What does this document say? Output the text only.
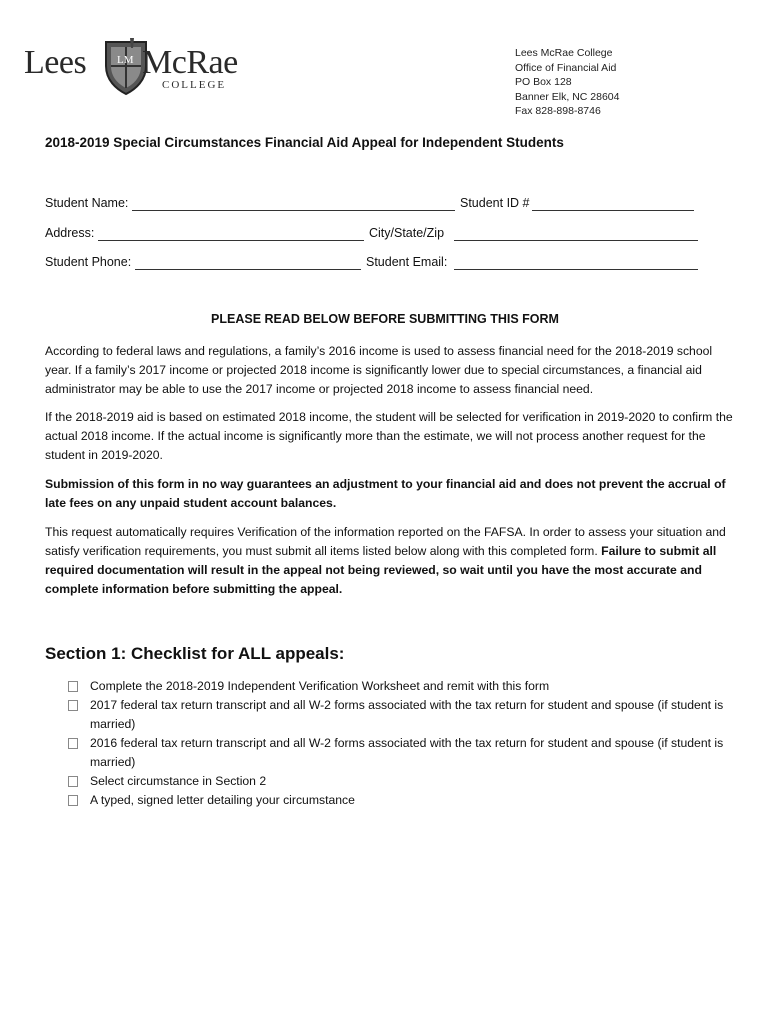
Lees	LM McRae
COLLEGE
Lees McRae College
Office of Financial Aid
PO Box 128
Banner Elk, NC 28604
Fax 828-898-8746
2018-2019 Special Circumstances Financial Aid Appeal for Independent Students
Student Name:	Student ID #
Address:	City/State/Zip
Student Phone:	Student Email:
PLEASE READ BELOW BEFORE SUBMITTING THIS FORM
According to federal laws and regulations, a family’s 2016 income is used to assess financial need for the 2018-2019 school year. If a family’s 2017 income or projected 2018 income is significantly lower due to special circumstances, a financial aid administrator may be able to use the 2017 income or projected 2018 income to assess financial need.
If the 2018-2019 aid is based on estimated 2018 income, the student will be selected for verification in 2019-2020 to confirm the actual 2018 income. If the actual income is significantly more than the estimate, we will not process another request for the student in 2019-2020.
Submission of this form in no way guarantees an adjustment to your financial aid and does not prevent the accrual of late fees on any unpaid student account balances.
This request automatically requires Verification of the information reported on the FAFSA. In order to assess your situation and satisfy verification requirements, you must submit all items listed below along with this completed form. Failure to submit all required documentation will result in the appeal not being reviewed, so wait until you have the most accurate and complete information before submitting the appeal.
Section 1: Checklist for ALL appeals:
Complete the 2018-2019 Independent Verification Worksheet and remit with this form
2017 federal tax return transcript and all W-2 forms associated with the tax return for student and spouse (if student is married)
2016 federal tax return transcript and all W-2 forms associated with the tax return for student and spouse (if student is married)
Select circumstance in Section 2
A typed, signed letter detailing your circumstance
